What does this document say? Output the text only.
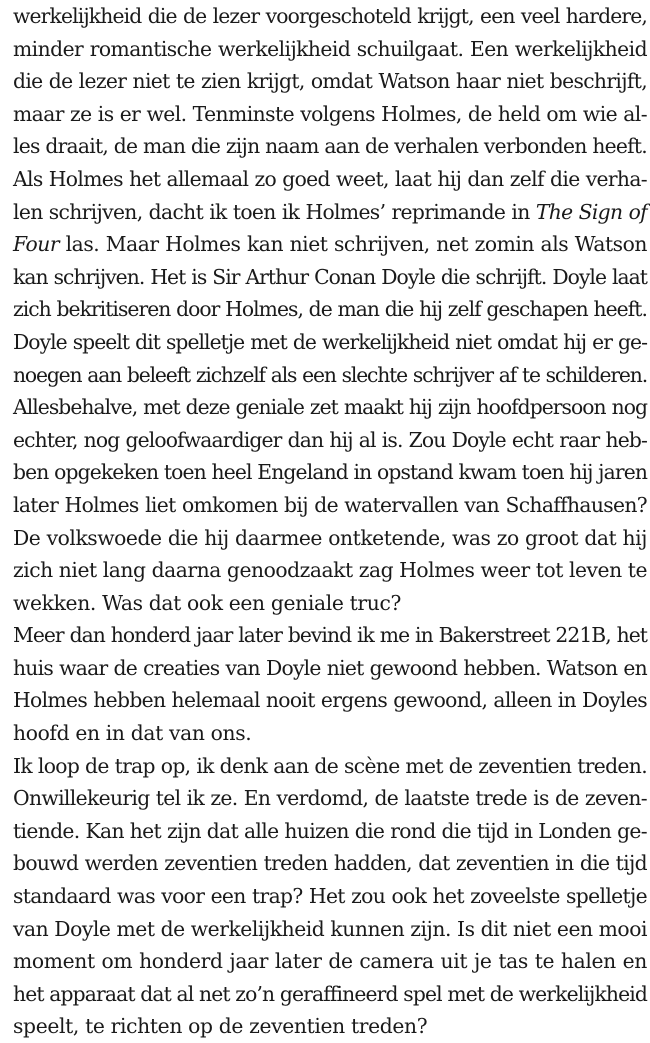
werkelijkheid die de lezer voorgeschoteld krijgt, een veel hardere,
minder romantische werkelijkheid schuilgaat. Een werkelijkheid
die de lezer niet te zien krijgt, omdat Watson haar niet beschrijft,
maar ze is er wel. Tenminste volgens Holmes, de held om wie al-
les draait, de man die zijn naam aan de verhalen verbonden heeft.
Als Holmes het allemaal zo goed weet, laat hij dan zelf die verha-
len schrijven, dacht ik toen ik Holmes’ reprimande in The Sign of
Four las. Maar Holmes kan niet schrijven, net zomin als Watson
kan schrijven. Het is Sir Arthur Conan Doyle die schrijft. Doyle laat
zich bekritiseren door Holmes, de man die hij zelf geschapen heeft.
Doyle speelt dit spelletje met de werkelijkheid niet omdat hij er ge-
noegen aan beleeft zichzelf als een slechte schrijver af te schilderen.
Allesbehalve, met deze geniale zet maakt hij zijn hoofdpersoon nog
echter, nog geloofwaardiger dan hij al is. Zou Doyle echt raar heb-
ben opgekeken toen heel Engeland in opstand kwam toen hij jaren
later Holmes liet omkomen bij de watervallen van Schaffhausen?
De volkswoede die hij daarmee ontketende, was zo groot dat hij
zich niet lang daarna genoodzaakt zag Holmes weer tot leven te
wekken. Was dat ook een geniale truc?
Meer dan honderd jaar later bevind ik me in Bakerstreet 221B, het
huis waar de creaties van Doyle niet gewoond hebben. Watson en
Holmes hebben helemaal nooit ergens gewoond, alleen in Doyles
hoofd en in dat van ons.
Ik loop de trap op, ik denk aan de scène met de zeventien treden.
Onwillekeurig tel ik ze. En verdomd, de laatste trede is de zeven-
tiende. Kan het zijn dat alle huizen die rond die tijd in Londen ge-
bouwd werden zeventien treden hadden, dat zeventien in die tijd
standaard was voor een trap? Het zou ook het zoveelste spelletje
van Doyle met de werkelijkheid kunnen zijn. Is dit niet een mooi
moment om honderd jaar later de camera uit je tas te halen en
het apparaat dat al net zo’n geraffineerd spel met de werkelijkheid
speelt, te richten op de zeventien treden?
